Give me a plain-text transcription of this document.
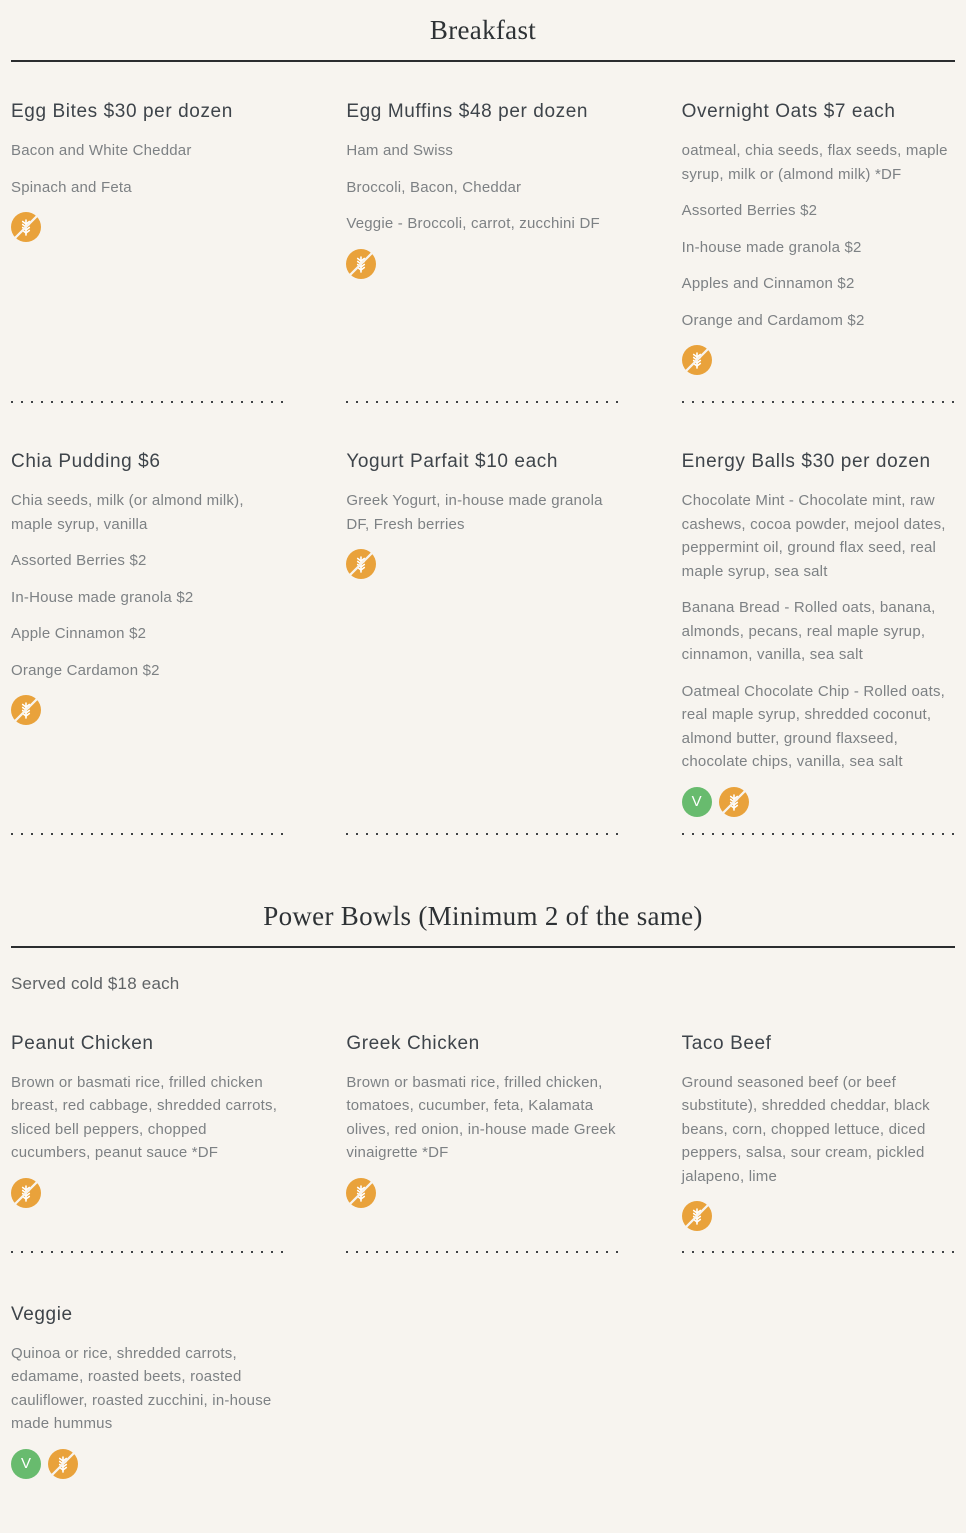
Breakfast
Egg Bites $30 per dozen

Bacon and White Cheddar

Spinach and Feta

Egg Muffins $48 per dozen

Ham and Swiss

Broccoli, Bacon, Cheddar

Veggie - Broccoli, carrot, zucchini DF

Overnight Oats $7 each

oatmeal, chia seeds, flax seeds, maple syrup, milk or (almond milk) *DF

Assorted Berries $2

In-house made granola $2

Apples and Cinnamon $2

Orange and Cardamom $2

Chia Pudding $6

Chia seeds, milk (or almond milk), maple syrup, vanilla

Assorted Berries $2

In-House made granola $2

Apple Cinnamon $2

Orange Cardamon $2

Yogurt Parfait $10 each

Greek Yogurt, in-house made granola DF, Fresh berries

Energy Balls $30 per dozen

Chocolate Mint - Chocolate mint, raw cashews, cocoa powder, mejool dates, peppermint oil, ground flax seed, real maple syrup, sea salt

Banana Bread - Rolled oats, banana, almonds, pecans, real maple syrup, cinnamon, vanilla, sea salt

Oatmeal Chocolate Chip - Rolled oats, real maple syrup, shredded coconut, almond butter, ground flaxseed, chocolate chips, vanilla, sea salt

V
Power Bowls (Minimum 2 of the same)

Served cold $18 each

Peanut Chicken

Brown or basmati rice, frilled chicken breast, red cabbage, shredded carrots, sliced bell peppers, chopped cucumbers, peanut sauce *DF

Greek Chicken

Brown or basmati rice, frilled chicken, tomatoes, cucumber, feta, Kalamata olives, red onion, in-house made Greek vinaigrette *DF

Taco Beef

Ground seasoned beef (or beef substitute), shredded cheddar, black beans, corn, chopped lettuce, diced peppers, salsa, sour cream, pickled jalapeno, lime

Veggie

Quinoa or rice, shredded carrots, edamame, roasted beets, roasted cauliflower, roasted zucchini, in-house made hummus

V
